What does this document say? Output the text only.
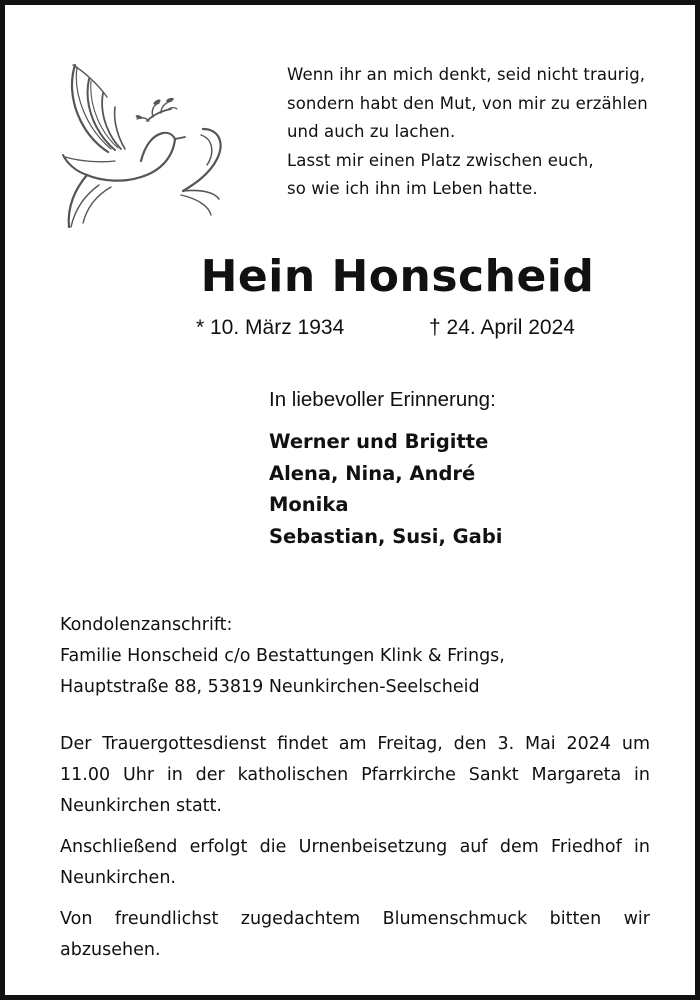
Wenn ihr an mich denkt, seid nicht traurig,
sondern habt den Mut, von mir zu erzählen
und auch zu lachen.
Lasst mir einen Platz zwischen euch,
so wie ich ihn im Leben hatte.
Hein Honscheid
* 10. März 1934	† 24. April 2024
In liebevoller Erinnerung:
Werner und Brigitte
Alena, Nina, André
Monika
Sebastian, Susi, Gabi
Kondolenzanschrift:
Familie Honscheid c/o Bestattungen Klink & Frings,
Hauptstraße 88, 53819 Neunkirchen-Seelscheid

Der Trauergottesdienst findet am Freitag, den 3. Mai 2024 um 11.00 Uhr in der katholischen Pfarrkirche Sankt Margareta in Neunkirchen statt.

Anschließend erfolgt die Urnenbeisetzung auf dem Friedhof in Neunkirchen.

Von freundlichst zugedachtem Blumenschmuck bitten wir abzusehen.
